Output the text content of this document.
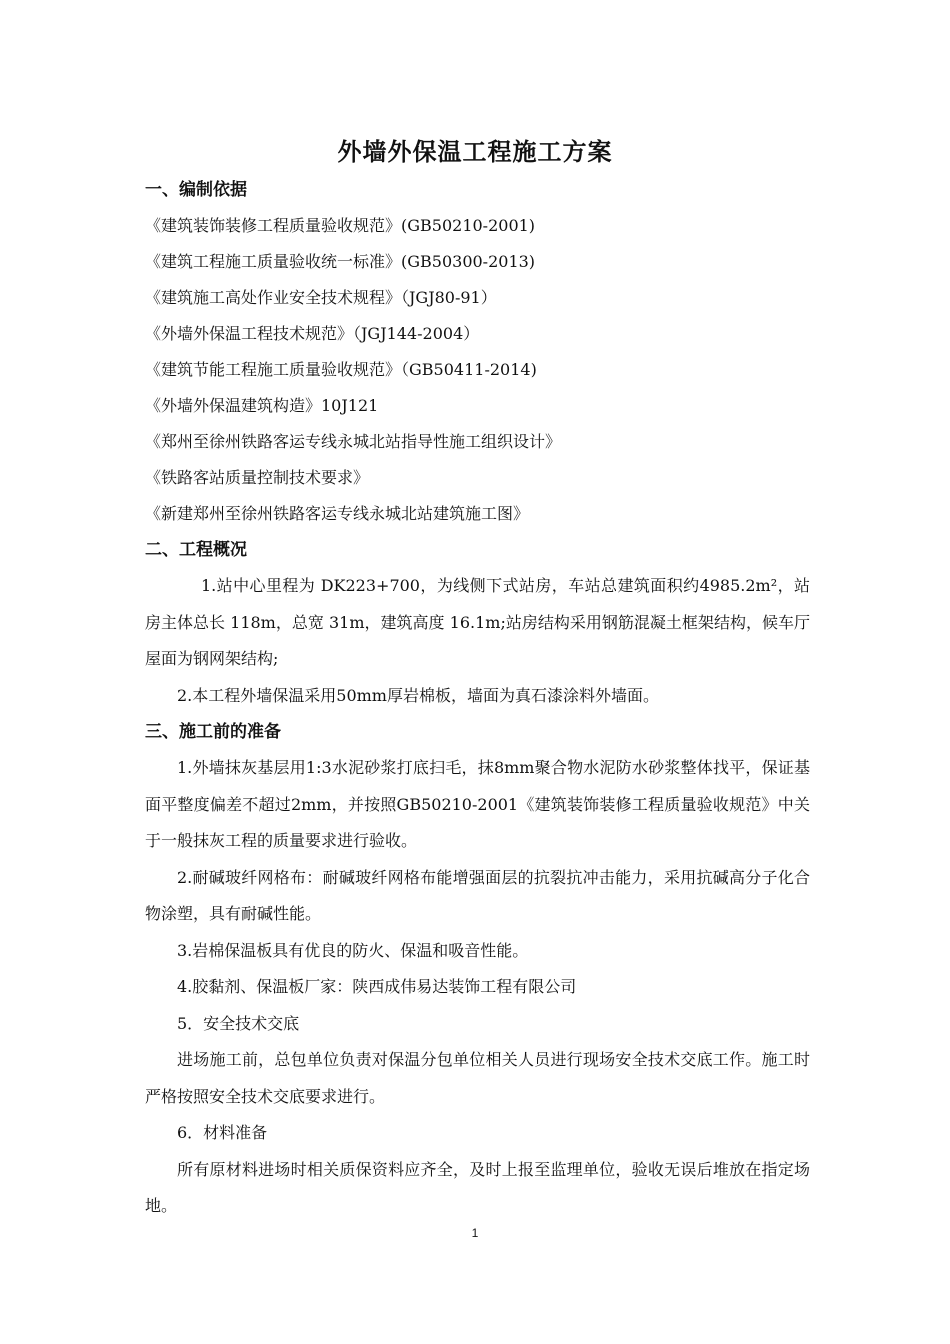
外墙外保温工程施工方案
一、编制依据
《建筑装饰装修工程质量验收规范》(GB50210-2001)
《建筑工程施工质量验收统一标准》(GB50300-2013)
《建筑施工高处作业安全技术规程》（JGJ80-91）
《外墙外保温工程技术规范》（JGJ144-2004）
《建筑节能工程施工质量验收规范》（GB50411-2014)
《外墙外保温建筑构造》10J121
《郑州至徐州铁路客运专线永城北站指导性施工组织设计》
《铁路客站质量控制技术要求》
《新建郑州至徐州铁路客运专线永城北站建筑施工图》
二、工程概况
1.站中心里程为 DK223+700，为线侧下式站房，车站总建筑面积约4985.2m²，站房主体总长 118m，总宽 31m，建筑高度 16.1m;站房结构采用钢筋混凝土框架结构，候车厅屋面为钢网架结构;
2.本工程外墙保温采用50mm厚岩棉板，墙面为真石漆涂料外墙面。
三、施工前的准备
1.外墙抹灰基层用1:3水泥砂浆打底扫毛，抹8mm聚合物水泥防水砂浆整体找平，保证基面平整度偏差不超过2mm，并按照GB50210-2001《建筑装饰装修工程质量验收规范》中关于一般抹灰工程的质量要求进行验收。
2.耐碱玻纤网格布：耐碱玻纤网格布能增强面层的抗裂抗冲击能力，采用抗碱高分子化合物涂塑，具有耐碱性能。
3.岩棉保温板具有优良的防火、保温和吸音性能。
4.胶黏剂、保温板厂家：陕西成伟易达装饰工程有限公司
5．安全技术交底
进场施工前，总包单位负责对保温分包单位相关人员进行现场安全技术交底工作。施工时严格按照安全技术交底要求进行。
6．材料准备
所有原材料进场时相关质保资料应齐全，及时上报至监理单位，验收无误后堆放在指定场地。
1
